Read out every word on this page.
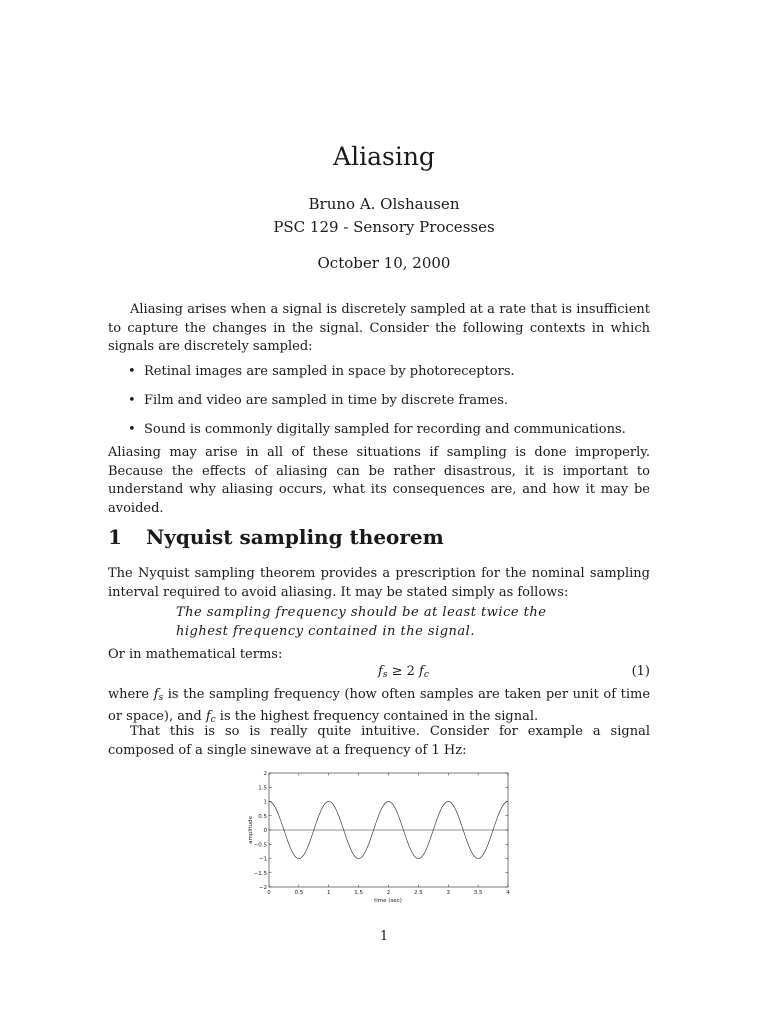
Aliasing
Bruno A. Olshausen
PSC 129 - Sensory Processes
October 10, 2000
Aliasing arises when a signal is discretely sampled at a rate that is insufficient to capture the changes in the signal. Consider the following contexts in which signals are discretely sampled:
• Retinal images are sampled in space by photoreceptors.
• Film and video are sampled in time by discrete frames.
• Sound is commonly digitally sampled for recording and communications.
Aliasing may arise in all of these situations if sampling is done improperly. Because the effects of aliasing can be rather disastrous, it is important to understand why aliasing occurs, what its consequences are, and how it may be avoided.
1 Nyquist sampling theorem
The Nyquist sampling theorem provides a prescription for the nominal sampling interval required to avoid aliasing. It may be stated simply as follows:
The sampling frequency should be at least twice the highest frequency contained in the signal.
Or in mathematical terms:
$f_s \ge 2$ $f_c$	(1)
where $f_s$ is the sampling frequency (how often samples are taken per unit of time or space), and $f_c$ is the highest frequency contained in the signal.
That this is so is really quite intuitive. Consider for example a signal composed of a single sinewave at a frequency of 1 Hz:
0	0.5	1	1.5	2	2.5	3	3.5	4
2
1.5
1
0.5
0
−0.5
−1
−1.5
−2
time (sec)
amplitude
1
